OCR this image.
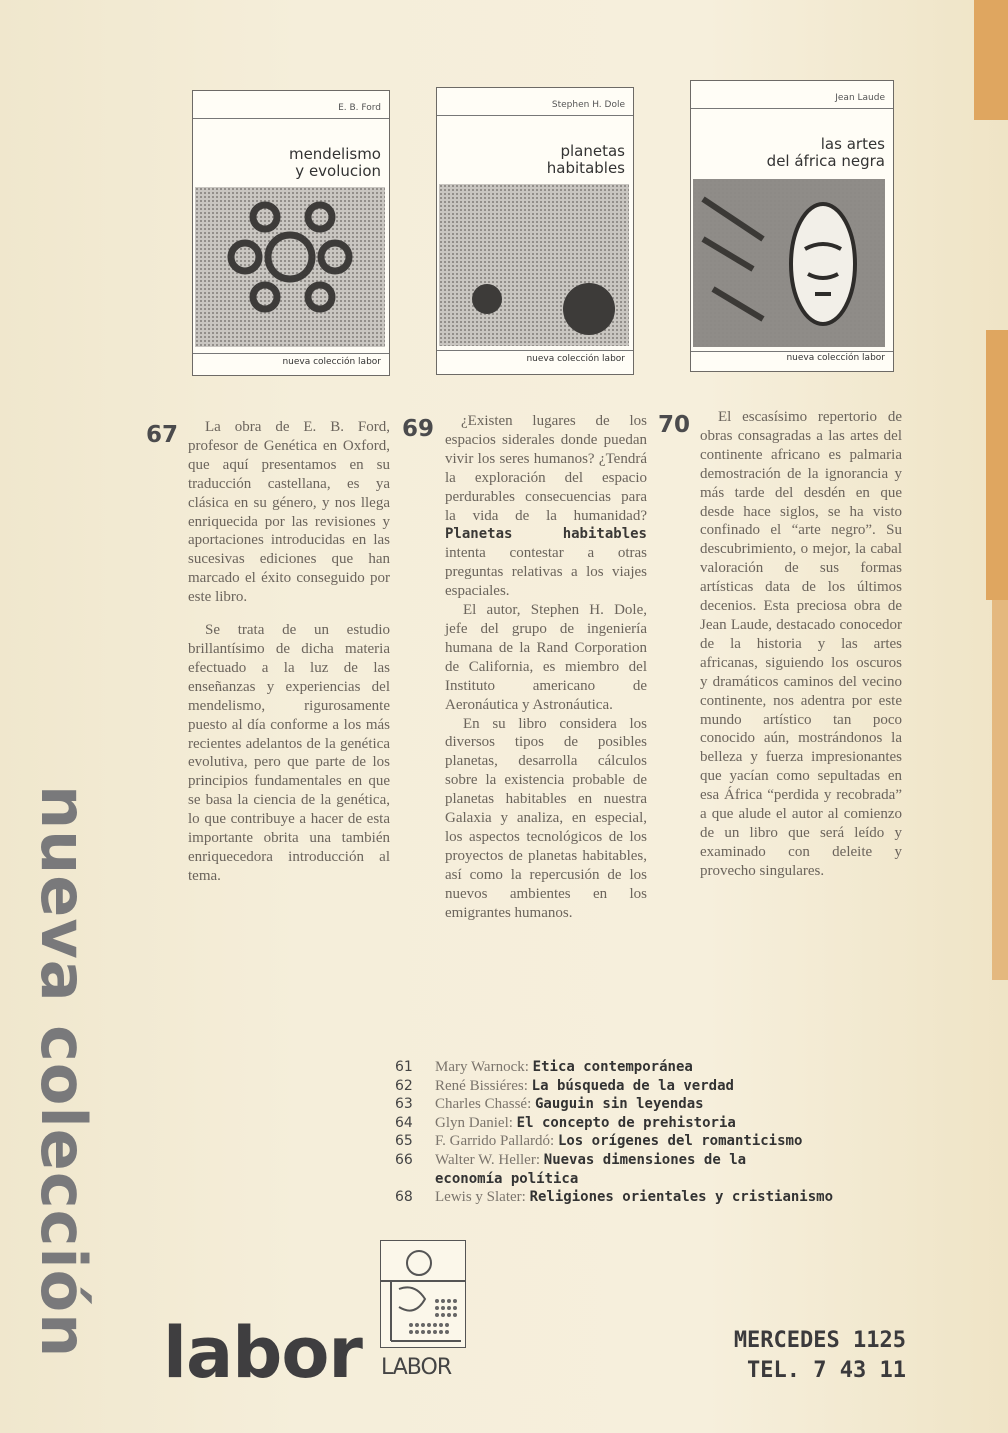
nueva colección
E. B. Ford
mendelismo
y evolucion
nueva colección labor
Stephen H. Dole
planetas
habitables
nueva colección labor
Jean Laude
las artes
del áfrica negra
nueva colección labor
67	La obra de E. B. Ford, profesor de Genética en Oxford, que aquí presentamos en su traducción castellana, es ya clásica en su género, y nos llega enriquecida por las revisiones y aportaciones introducidas en las sucesivas ediciones que han marcado el éxito conseguido por este libro.

Se trata de un estudio brillantísimo de dicha materia efectuado a la luz de las enseñanzas y experiencias del mendelismo, rigurosamente puesto al día conforme a los más recientes adelantos de la genética evolutiva, pero que parte de los principios fundamentales en que se basa la ciencia de la genética, lo que contribuye a hacer de esta importante obrita una también enriquecedora introducción al tema.

69	¿Existen lugares de los espacios siderales donde puedan vivir los seres humanos? ¿Tendrá la exploración del espacio perdurables consecuencias para la vida de la humanidad? Planetas habitables intenta contestar a otras preguntas relativas a los viajes espaciales.

El autor, Stephen H. Dole, jefe del grupo de ingeniería humana de la Rand Corporation de California, es miembro del Instituto americano de Aeronáutica y Astronáutica.

En su libro considera los diversos tipos de posibles planetas, desarrolla cálculos sobre la existencia probable de planetas habitables en nuestra Galaxia y analiza, en especial, los aspectos tecnológicos de los proyectos de planetas habitables, así como la repercusión de los nuevos ambientes en los emigrantes humanos.

70	El escasísimo repertorio de obras consagradas a las artes del continente africano es palmaria demostración de la ignorancia y más tarde del desdén en que desde hace siglos, se ha visto confinado el “arte negro”. Su descubrimiento, o mejor, la cabal valoración de sus formas artísticas data de los últimos decenios. Esta preciosa obra de Jean Laude, destacado conocedor de la historia y las artes africanas, siguiendo los oscuros y dramáticos caminos del vecino continente, nos adentra por este mundo artístico tan poco conocido aún, mostrándonos la belleza y fuerza impresionantes que yacían como sepultadas en esa África “perdida y recobrada” a que alude el autor al comienzo de un libro que será leído y examinado con deleite y provecho singulares.

61	Mary Warnock: Etica contemporánea
62	René Bissiéres: La búsqueda de la verdad
63	Charles Chassé: Gauguin sin leyendas
64	Glyn Daniel: El concepto de prehistoria
65	F. Garrido Pallardó: Los orígenes del romanticismo
66	Walter W. Heller: Nuevas dimensiones de la
economía política
68	Lewis y Slater: Religiones orientales y cristianismo
labor LABOR
MERCEDES 1125
TEL. 7 43 11
